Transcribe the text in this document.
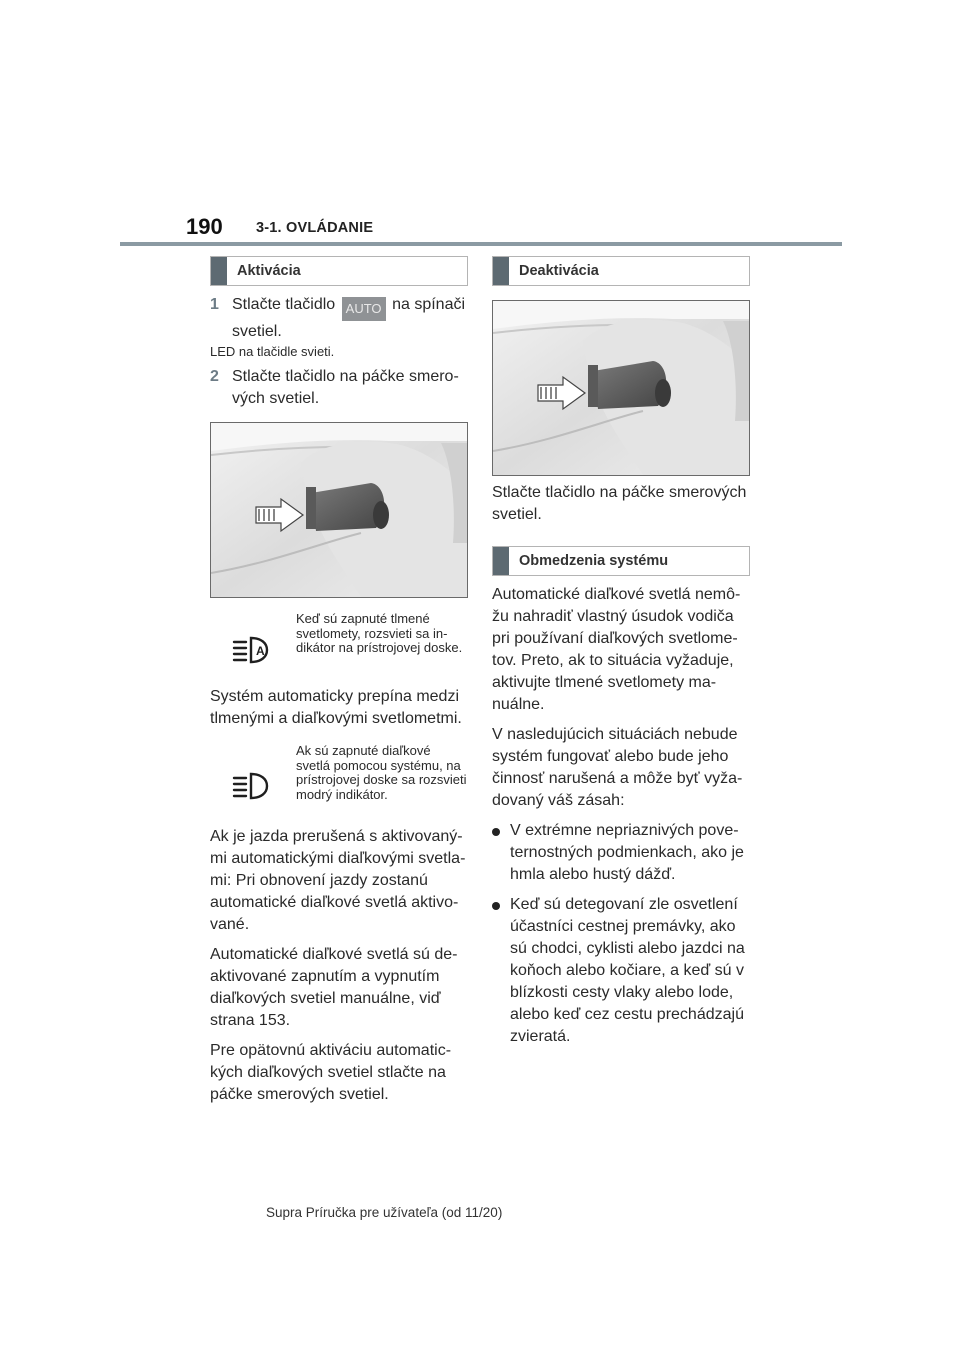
190 3-1. OVLÁDANIE
Aktivácia
1 Stlačte tlačidlo AUTO na spínači svetiel.
LED na tlačidle svieti.
2 Stlačte tlačidlo na páčke smero-vých svetiel.
A
Keď sú zapnuté tlmené svetlomety, rozsvieti sa in-dikátor na prístrojovej doske.
Systém automaticky prepína medzi tlmenými a diaľkovými svetlometmi.
Ak sú zapnuté diaľkové svetlá pomocou systému, na prístrojovej doske sa rozsvieti modrý indikátor.

Ak je jazda prerušená s aktivovaný-mi automatickými diaľkovými svetla-mi: Pri obnovení jazdy zostanú automatické diaľkové svetlá aktivo-vané.

Automatické diaľkové svetlá sú de-aktivované zapnutím a vypnutím diaľkových svetiel manuálne, viď strana 153.

Pre opätovnú aktiváciu automatic-kých diaľkových svetiel stlačte na páčke smerových svetiel.

Deaktivácia
Stlačte tlačidlo na páčke smerových svetiel.
Obmedzenia systému

Automatické diaľkové svetlá nemô-žu nahradiť vlastný úsudok vodiča pri používaní diaľkových svetlome-tov. Preto, ak to situácia vyžaduje, aktivujte tlmené svetlomety ma-nuálne.

V nasledujúcich situáciách nebude systém fungovať alebo bude jeho činnosť narušená a môže byť vyža-dovaný váš zásah:

V extrémne nepriaznivých pove-ternostných podmienkach, ako je hmla alebo hustý dážď.
Keď sú detegovaní zle osvetlení účastníci cestnej premávky, ako sú chodci, cyklisti alebo jazdci na koňoch alebo kočiare, a keď sú v blízkosti cesty vlaky alebo lode, alebo keď cez cestu prechádzajú zvieratá.
Supra Príručka pre užívateľa (od 11/20)
